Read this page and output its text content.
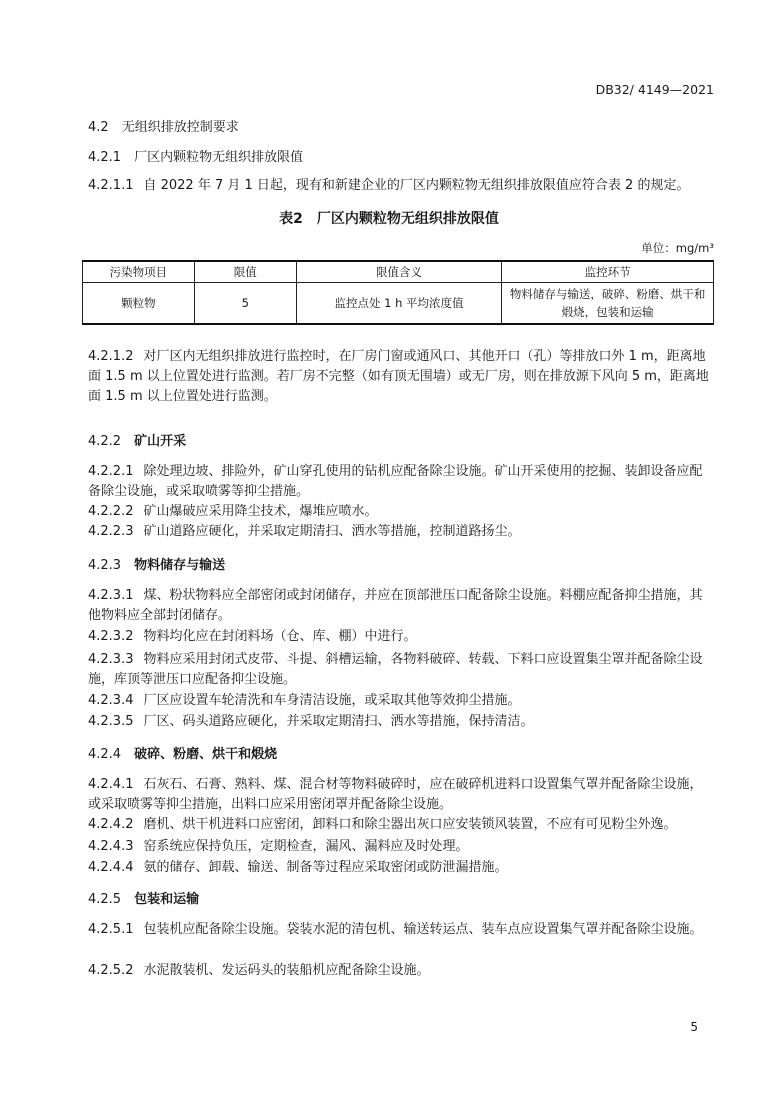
DB32/ 4149—2021
4.2　 无组织排放控制要求
4.2.1　 厂区内颗粒物无组织排放限值
4.2.1.1 自 2022 年 7 月 1 日起，现有和新建企业的厂区内颗粒物无组织排放限值应符合表 2 的规定。
表2　厂区内颗粒物无组织排放限值
单位：mg/m³
污染物项目	限值	限值含义	监控环节
颗粒物	5	监控点处 1 h 平均浓度值	物料储存与输送，破碎、粉磨、烘干和煅烧，包装和运输
4.2.1.2 对厂区内无组织排放进行监控时，在厂房门窗或通风口、其他开口（孔）等排放口外 1 m，距离地面 1.5 m 以上位置处进行监测。若厂房不完整（如有顶无围墙）或无厂房，则在排放源下风向 5 m，距离地面 1.5 m 以上位置处进行监测。
4.2.2　 矿山开采
4.2.2.1 除处理边坡、排险外，矿山穿孔使用的钻机应配备除尘设施。矿山开采使用的挖掘、装卸设备应配备除尘设施，或采取喷雾等抑尘措施。
4.2.2.2 矿山爆破应采用降尘技术，爆堆应喷水。
4.2.2.3 矿山道路应硬化，并采取定期清扫、洒水等措施，控制道路扬尘。
4.2.3　 物料储存与输送
4.2.3.1 煤、粉状物料应全部密闭或封闭储存，并应在顶部泄压口配备除尘设施。料棚应配备抑尘措施，其他物料应全部封闭储存。
4.2.3.2 物料均化应在封闭料场（仓、库、棚）中进行。
4.2.3.3 物料应采用封闭式皮带、斗提、斜槽运输，各物料破碎、转载、下料口应设置集尘罩并配备除尘设施，库顶等泄压口应配备抑尘设施。
4.2.3.4 厂区应设置车轮清洗和车身清洁设施，或采取其他等效抑尘措施。
4.2.3.5 厂区、码头道路应硬化，并采取定期清扫、洒水等措施，保持清洁。
4.2.4　 破碎、粉磨、烘干和煅烧
4.2.4.1 石灰石、石膏、熟料、煤、混合材等物料破碎时，应在破碎机进料口设置集气罩并配备除尘设施，或采取喷雾等抑尘措施，出料口应采用密闭罩并配备除尘设施。
4.2.4.2 磨机、烘干机进料口应密闭，卸料口和除尘器出灰口应安装锁风装置，不应有可见粉尘外逸。
4.2.4.3 窑系统应保持负压，定期检查，漏风、漏料应及时处理。
4.2.4.4 氨的储存、卸载、输送、制备等过程应采取密闭或防泄漏措施。
4.2.5　 包装和运输
4.2.5.1 包装机应配备除尘设施。袋装水泥的清包机、输送转运点、装车点应设置集气罩并配备除尘设施。
4.2.5.2 水泥散装机、发运码头的装船机应配备除尘设施。
5
